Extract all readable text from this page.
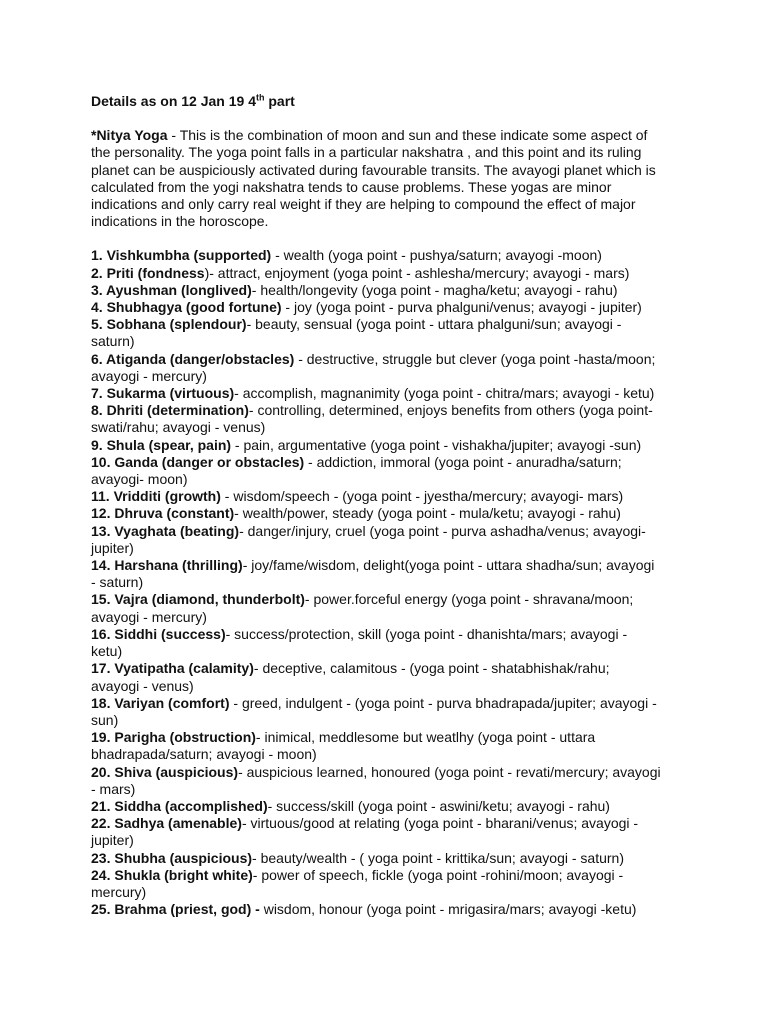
Details as on 12 Jan 19 4th part
*Nitya Yoga - This is the combination of moon and sun and these indicate some aspect of
the personality. The yoga point falls in a particular nakshatra , and this point and its ruling
planet can be auspiciously activated during favourable transits. The avayogi planet which is
calculated from the yogi nakshatra tends to cause problems. These yogas are minor
indications and only carry real weight if they are helping to compound the effect of major
indications in the horoscope.
1. Vishkumbha (supported) - wealth (yoga point - pushya/saturn; avayogi -moon)
2. Priti (fondness)- attract, enjoyment (yoga point - ashlesha/mercury; avayogi - mars)
3. Ayushman (longlived)- health/longevity (yoga point - magha/ketu; avayogi - rahu)
4. Shubhagya (good fortune) - joy (yoga point - purva phalguni/venus; avayogi - jupiter)
5. Sobhana (splendour)- beauty, sensual (yoga point - uttara phalguni/sun; avayogi -
saturn)
6. Atiganda (danger/obstacles) - destructive, struggle but clever (yoga point -hasta/moon;
avayogi - mercury)
7. Sukarma (virtuous)- accomplish, magnanimity (yoga point - chitra/mars; avayogi - ketu)
8. Dhriti (determination)- controlling, determined, enjoys benefits from others (yoga point-
swati/rahu; avayogi - venus)
9. Shula (spear, pain) - pain, argumentative (yoga point - vishakha/jupiter; avayogi -sun)
10. Ganda (danger or obstacles) - addiction, immoral (yoga point - anuradha/saturn;
avayogi- moon)
11. Vridditi (growth) - wisdom/speech - (yoga point - jyestha/mercury; avayogi- mars)
12. Dhruva (constant)- wealth/power, steady (yoga point - mula/ketu; avayogi - rahu)
13. Vyaghata (beating)- danger/injury, cruel (yoga point - purva ashadha/venus; avayogi-
jupiter)
14. Harshana (thrilling)- joy/fame/wisdom, delight(yoga point - uttara shadha/sun; avayogi
- saturn)
15. Vajra (diamond, thunderbolt)- power.forceful energy (yoga point - shravana/moon;
avayogi - mercury)
16. Siddhi (success)- success/protection, skill (yoga point - dhanishta/mars; avayogi -
ketu)
17. Vyatipatha (calamity)- deceptive, calamitous - (yoga point - shatabhishak/rahu;
avayogi - venus)
18. Variyan (comfort) - greed, indulgent - (yoga point - purva bhadrapada/jupiter; avayogi -
sun)
19. Parigha (obstruction)- inimical, meddlesome but weatlhy (yoga point - uttara
bhadrapada/saturn; avayogi - moon)
20. Shiva (auspicious)- auspicious learned, honoured (yoga point - revati/mercury; avayogi
- mars)
21. Siddha (accomplished)- success/skill (yoga point - aswini/ketu; avayogi - rahu)
22. Sadhya (amenable)- virtuous/good at relating (yoga point - bharani/venus; avayogi -
jupiter)
23. Shubha (auspicious)- beauty/wealth - ( yoga point - krittika/sun; avayogi - saturn)
24. Shukla (bright white)- power of speech, fickle (yoga point -rohini/moon; avayogi -
mercury)
25. Brahma (priest, god) - wisdom, honour (yoga point - mrigasira/mars; avayogi -ketu)
